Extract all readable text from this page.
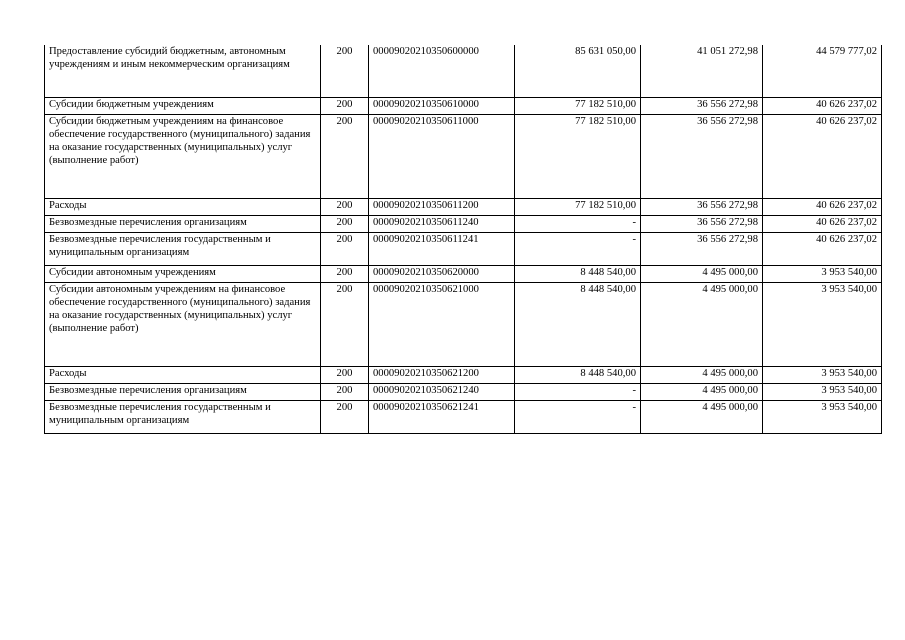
Предоставление субсидий бюджетным, автономным учреждениям и иным некоммерческим организациям	200	00009020210350600000	85 631 050,00	41 051 272,98	44 579 777,02
Субсидии бюджетным учреждениям	200	00009020210350610000	77 182 510,00	36 556 272,98	40 626 237,02
Субсидии бюджетным учреждениям на финансовое обеспечение государственного (муниципального) задания на оказание государственных (муниципальных) услуг (выполнение работ)	200	00009020210350611000	77 182 510,00	36 556 272,98	40 626 237,02
Расходы	200	00009020210350611200	77 182 510,00	36 556 272,98	40 626 237,02
Безвозмездные перечисления организациям	200	00009020210350611240	-	36 556 272,98	40 626 237,02
Безвозмездные перечисления государственным и муниципальным организациям	200	00009020210350611241	-	36 556 272,98	40 626 237,02
Субсидии автономным учреждениям	200	00009020210350620000	8 448 540,00	4 495 000,00	3 953 540,00
Субсидии автономным учреждениям на финансовое обеспечение государственного (муниципального) задания на оказание государственных (муниципальных) услуг (выполнение работ)	200	00009020210350621000	8 448 540,00	4 495 000,00	3 953 540,00
Расходы	200	00009020210350621200	8 448 540,00	4 495 000,00	3 953 540,00
Безвозмездные перечисления организациям	200	00009020210350621240	-	4 495 000,00	3 953 540,00
Безвозмездные перечисления государственным и муниципальным организациям	200	00009020210350621241	-	4 495 000,00	3 953 540,00
